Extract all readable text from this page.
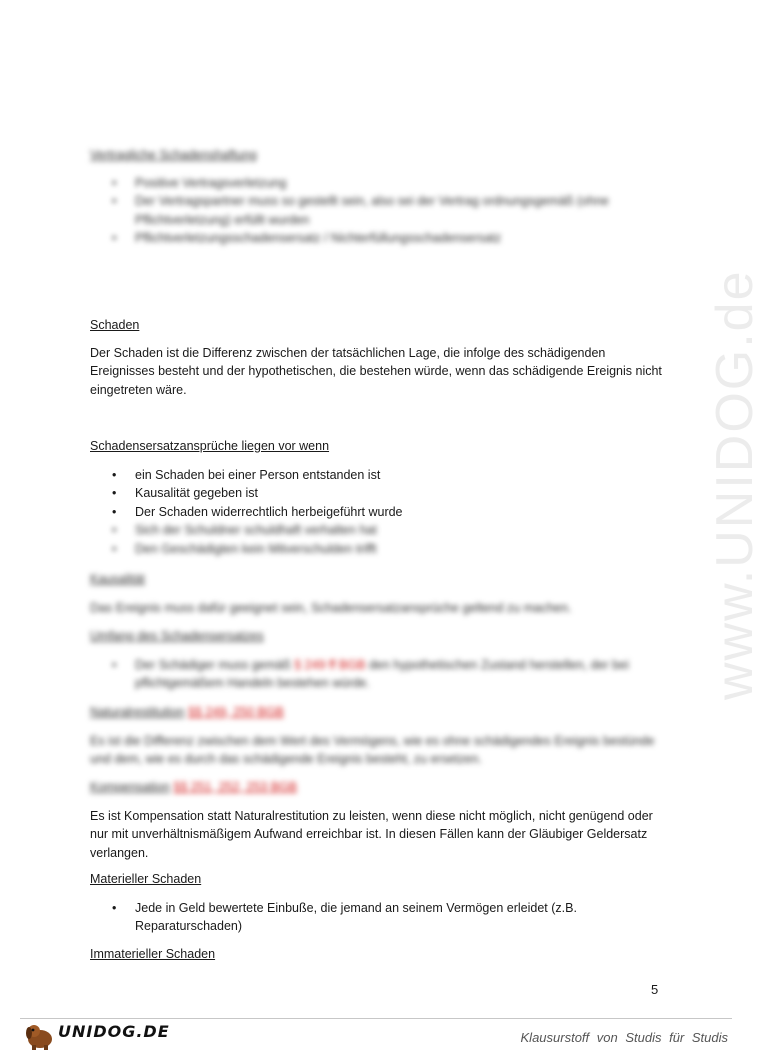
www.UNIDOG.de
Vertragliche Schadenshaftung
• Positive Vertragsverletzung
• Der Vertragspartner muss so gestellt sein, also sei der Vertrag ordnungsgemäß (ohne Pflichtverletzung) erfüllt wurden
• Pflichtverletzungsschadensersatz / Nichterfüllungsschadensersatz
Schaden

Der Schaden ist die Differenz zwischen der tatsächlichen Lage, die infolge des schädigenden Ereignisses besteht und der hypothetischen, die bestehen würde, wenn das schädigende Ereignis nicht eingetreten wäre.

Schadensersatzansprüche liegen vor wenn
• ein Schaden bei einer Person entstanden ist
• Kausalität gegeben ist
• Der Schaden widerrechtlich herbeigeführt wurde
• Sich der Schuldner schuldhaft verhalten hat
• Den Geschädigten kein Mitverschulden trifft
Kausalität

Das Ereignis muss dafür geeignet sein, Schadensersatzansprüche geltend zu machen.

Umfang des Schadensersatzes
• Der Schädiger muss gemäß § 249 ff BGB den hypothetischen Zustand herstellen, der bei pflichtgemäßem Handeln bestehen würde.
Naturalrestitution §§ 249, 250 BGB

Es ist die Differenz zwischen dem Wert des Vermögens, wie es ohne schädigendes Ereignis bestünde und dem, wie es durch das schädigende Ereignis besteht, zu ersetzen.

Kompensation §§ 251, 252, 253 BGB

Es ist Kompensation statt Naturalrestitution zu leisten, wenn diese nicht möglich, nicht genügend oder nur mit unverhältnismäßigem Aufwand erreichbar ist. In diesen Fällen kann der Gläubiger Geldersatz verlangen.

Materieller Schaden
• Jede in Geld bewertete Einbuße, die jemand an seinem Vermögen erleidet (z.B. Reparaturschaden)
Immaterieller Schaden
5
UNIDOG.DE	Klausurstoff von Studis für Studis
